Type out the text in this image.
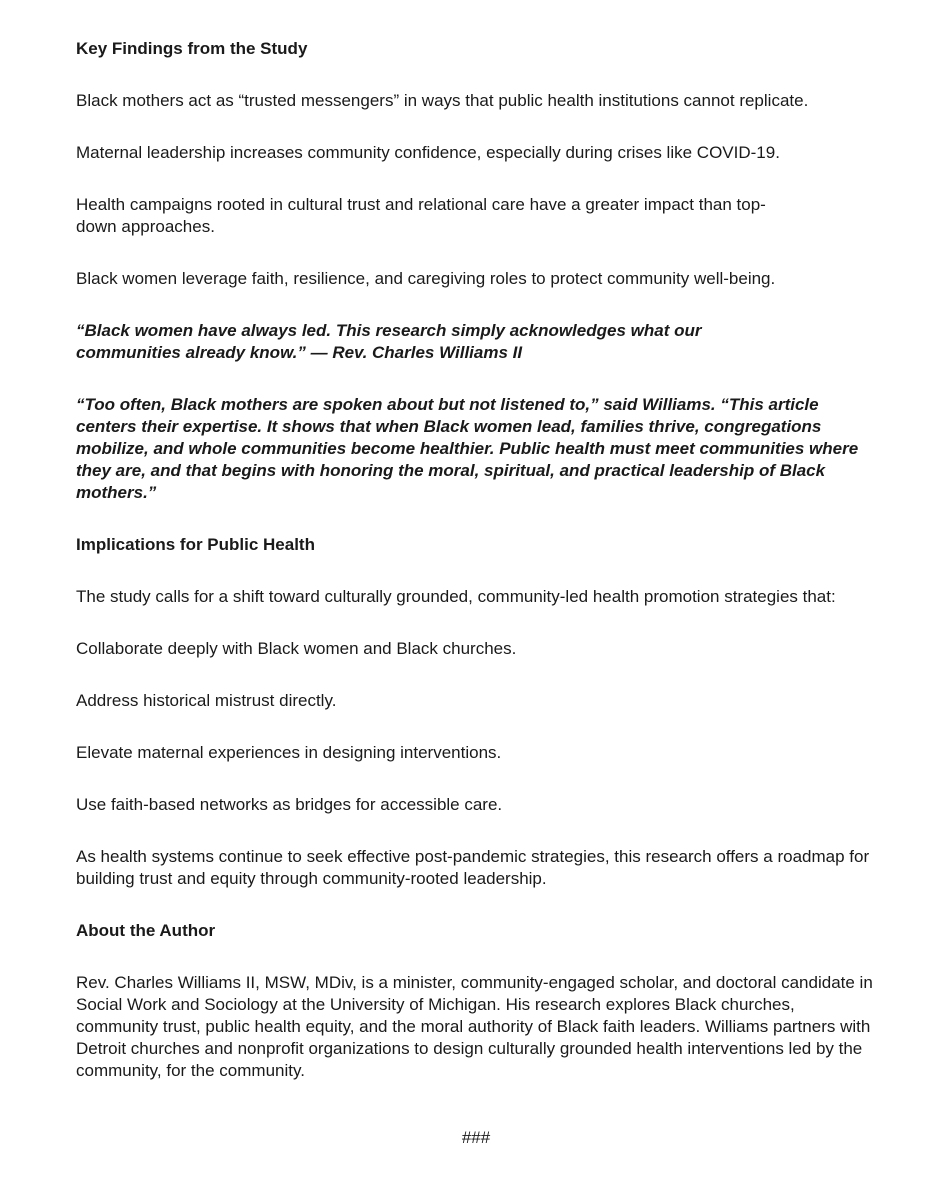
Key Findings from the Study

Black mothers act as “trusted messengers” in ways that public health institutions cannot replicate.

Maternal leadership increases community confidence, especially during crises like COVID-19.

Health campaigns rooted in cultural trust and relational care have a greater impact than top-down approaches.

Black women leverage faith, resilience, and caregiving roles to protect community well-being.

“Black women have always led. This research simply acknowledges what our communities already know.” — Rev. Charles Williams II

“Too often, Black mothers are spoken about but not listened to,” said Williams. “This article centers their expertise. It shows that when Black women lead, families thrive, congregations mobilize, and whole communities become healthier. Public health must meet communities where they are, and that begins with honoring the moral, spiritual, and practical leadership of Black mothers.”

Implications for Public Health

The study calls for a shift toward culturally grounded, community-led health promotion strategies that:

Collaborate deeply with Black women and Black churches.

Address historical mistrust directly.

Elevate maternal experiences in designing interventions.

Use faith-based networks as bridges for accessible care.

As health systems continue to seek effective post-pandemic strategies, this research offers a roadmap for building trust and equity through community-rooted leadership.

About the Author

Rev. Charles Williams II, MSW, MDiv, is a minister, community-engaged scholar, and doctoral candidate in Social Work and Sociology at the University of Michigan. His research explores Black churches, community trust, public health equity, and the moral authority of Black faith leaders. Williams partners with Detroit churches and nonprofit organizations to design culturally grounded health interventions led by the community, for the community.

###
